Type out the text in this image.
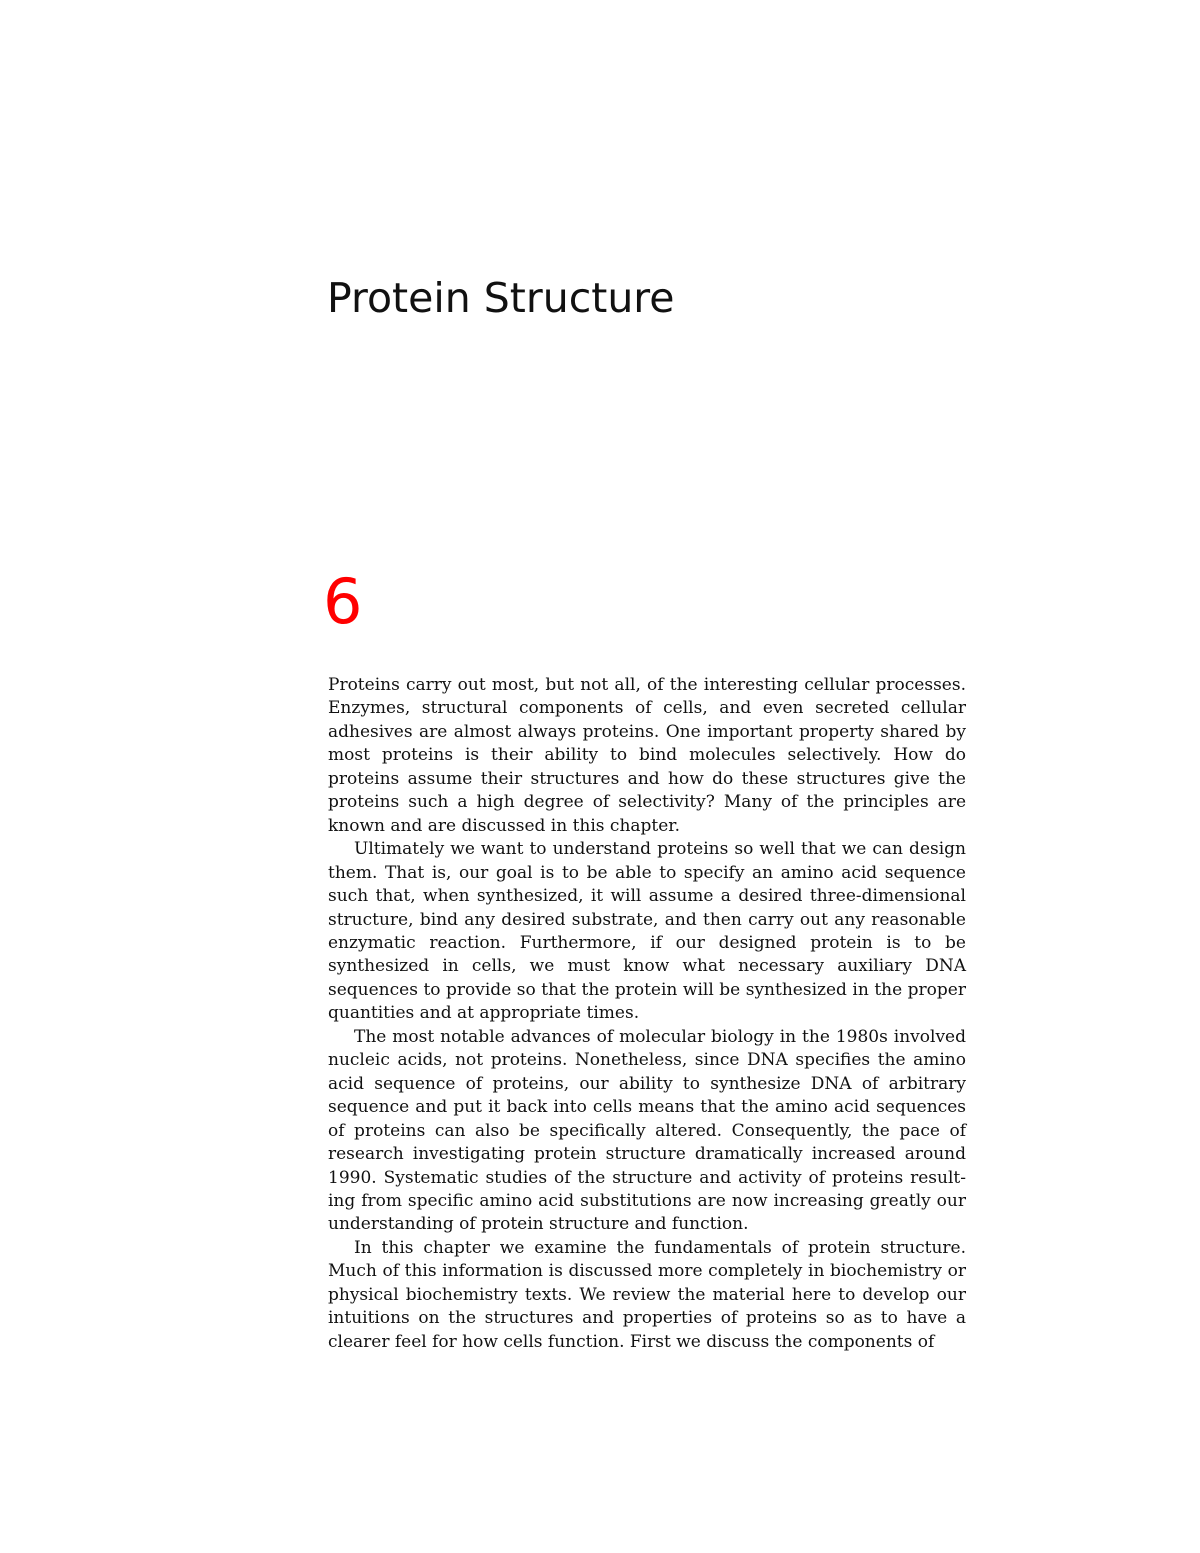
Protein Structure
6

Proteins carry out most, but not all, of the interesting cellular processes. Enzymes, structural components of cells, and even secreted cellular adhesives are almost always proteins. One important property shared by most proteins is their ability to bind molecules selectively. How do proteins assume their structures and how do these structures give the proteins such a high degree of selectivity? Many of the principles are known and are discussed in this chapter.

Ultimately we want to understand proteins so well that we can design them. That is, our goal is to be able to specify an amino acid sequence such that, when synthesized, it will assume a desired three-dimensional structure, bind any desired substrate, and then carry out any reasonable enzymatic reaction. Furthermore, if our designed protein is to be synthesized in cells, we must know what necessary auxiliary DNA sequences to provide so that the protein will be synthesized in the proper quantities and at appropriate times.

The most notable advances of molecular biology in the 1980s involved nucleic acids, not proteins. Nonetheless, since DNA specifies the amino acid sequence of proteins, our ability to synthesize DNA of arbitrary sequence and put it back into cells means that the amino acid sequences of proteins can also be specifically altered. Consequently, the pace of research investigating protein structure dramatically increased around 1990. Systematic studies of the structure and activity of proteins result-ing from specific amino acid substitutions are now increasing greatly our understanding of protein structure and function.

In this chapter we examine the fundamentals of protein structure. Much of this information is discussed more completely in biochemistry or physical biochemistry texts. We review the material here to develop our intuitions on the structures and properties of proteins so as to have a clearer feel for how cells function. First we discuss the components of
